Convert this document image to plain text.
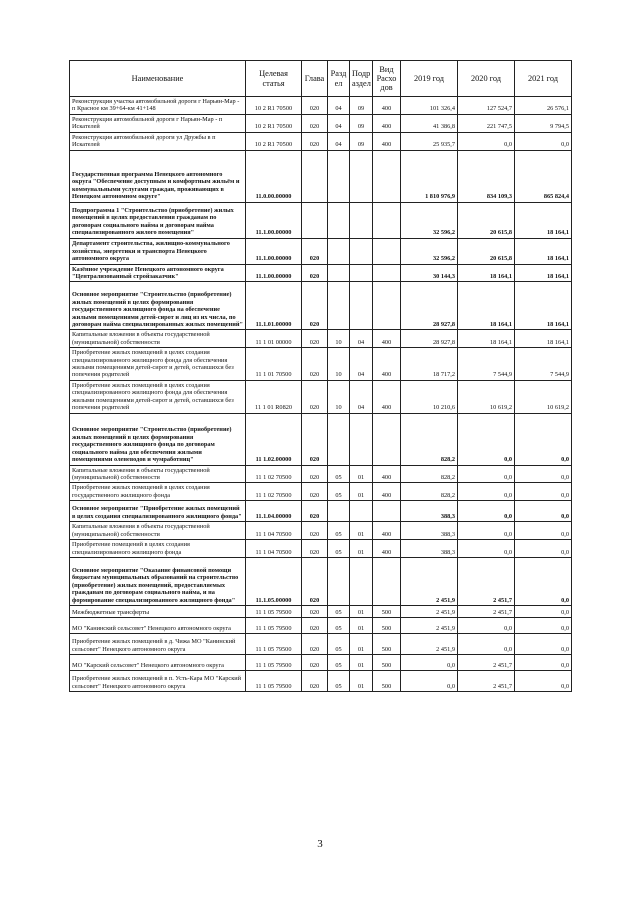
Наименование	Целевая статья	Глава	Разд ел	Подр аздел	Вид Расхо дов	2019 год	2020 год	2021 год
Реконструкция участка автомобильной дороги г Нарьян-Мар - п Красное км 39+64-км 41+148	10 2 R1 70500	020	04	09	400	101 326,4	127 524,7	26 576,1
Реконструкция автомобильной дороги г Нарьян-Мар - п Искателей	10 2 R1 70500	020	04	09	400	41 386,8	221 747,5	9 794,5
Реконструкция автомобильной дороги ул Дружбы в п Искателей	10 2 R1 70500	020	04	09	400	25 935,7	0,0	0,0
Государственная программа Ненецкого автономного округа "Обеспечение доступным и комфортным жильём и коммунальными услугами граждан, проживающих в Ненецком автономном округе"	11.0.00.00000					1 810 976,9	834 109,3	865 824,4
Подпрограмма 1 "Строительство (приобретение) жилых помещений в целях предоставления гражданам по договорам социального найма и договорам найма специализированного жилого помещения"	11.1.00.00000					32 596,2	20 615,8	18 164,1
Департамент строительства, жилищно-коммунального хозяйства, энергетики и транспорта Ненецкого автономного округа	11.1.00.00000	020				32 596,2	20 615,8	18 164,1
Казённое учреждение Ненецкого автономного округа "Централизованный стройзаказчик"	11.1.00.00000	020				30 144,3	18 164,1	18 164,1
Основное мероприятие "Строительство (приобретение) жилых помещений в целях формирования государственного жилищного фонда на обеспечение жилыми помещениями детей-сирот и лиц из их числа, по договорам найма специализированных жилых помещений"	11.1.01.00000	020				28 927,8	18 164,1	18 164,1
Капитальные вложения в объекты государственной (муниципальной) собственности	11 1 01 00000	020	10	04	400	28 927,8	18 164,1	18 164,1
Приобретение жилых помещений в целях создания специализированного жилищного фонда для обеспечения жилыми помещениями детей-сирот и детей, оставшихся без попечения родителей	11 1 01 70500	020	10	04	400	18 717,2	7 544,9	7 544,9
Приобретение жилых помещений в целях создания специализированного жилищного фонда для обеспечения жилыми помещениями детей-сирот и детей, оставшихся без попечения родителей	11 1 01 R0820	020	10	04	400	10 210,6	10 619,2	10 619,2
Основное мероприятие "Строительство (приобретение) жилых помещений в целях формирования государственного жилищного фонда по договорам социального найма для обеспечения жилыми помещениями оленеводов и чумработниц"	11 1.02.00000	020				828,2	0,0	0,0
Капитальные вложения в объекты государственной (муниципальной) собственности	11 1 02 70500	020	05	01	400	828,2	0,0	0,0
Приобретение жилых помещений в целях создания государственного жилищного фонда	11 1 02 70500	020	05	01	400	828,2	0,0	0,0
Основное мероприятие "Приобретение жилых помещений в целях создания специализированного жилищного фонда"	11.1.04.00000	020				388,3	0,0	0,0
Капитальные вложения в объекты государственной (муниципальной) собственности	11 1 04 70500	020	05	01	400	388,3	0,0	0,0
Приобретение помещений в целях создания специализированного жилищного фонда	11 1 04 70500	020	05	01	400	388,3	0,0	0,0
Основное мероприятие "Оказание финансовой помощи бюджетам муниципальных образований на строительство (приобретение) жилых помещений, предоставляемых гражданам по договорам социального найма, и на формирование специализированного жилищного фонда"	11.1.05.00000	020				2 451,9	2 451,7	0,0
Межбюджетные трансферты	11 1 05 79500	020	05	01	500	2 451,9	2 451,7	0,0
МО "Канинский сельсовет" Ненецкого автономного округа	11 1 05 79500	020	05	01	500	2 451,9	0,0	0,0
Приобретение жилых помещений в д. Чижа МО "Канинский сельсовет" Ненецкого автономного округа	11 1 05 79500	020	05	01	500	2 451,9	0,0	0,0
МО "Карский сельсовет" Ненецкого автономного округа	11 1 05 79500	020	05	01	500	0,0	2 451,7	0,0
Приобретение жилых помещений в п. Усть-Кара МО "Карский сельсовет" Ненецкого автономного округа	11 1 05 79500	020	05	01	500	0,0	2 451,7	0,0
3
